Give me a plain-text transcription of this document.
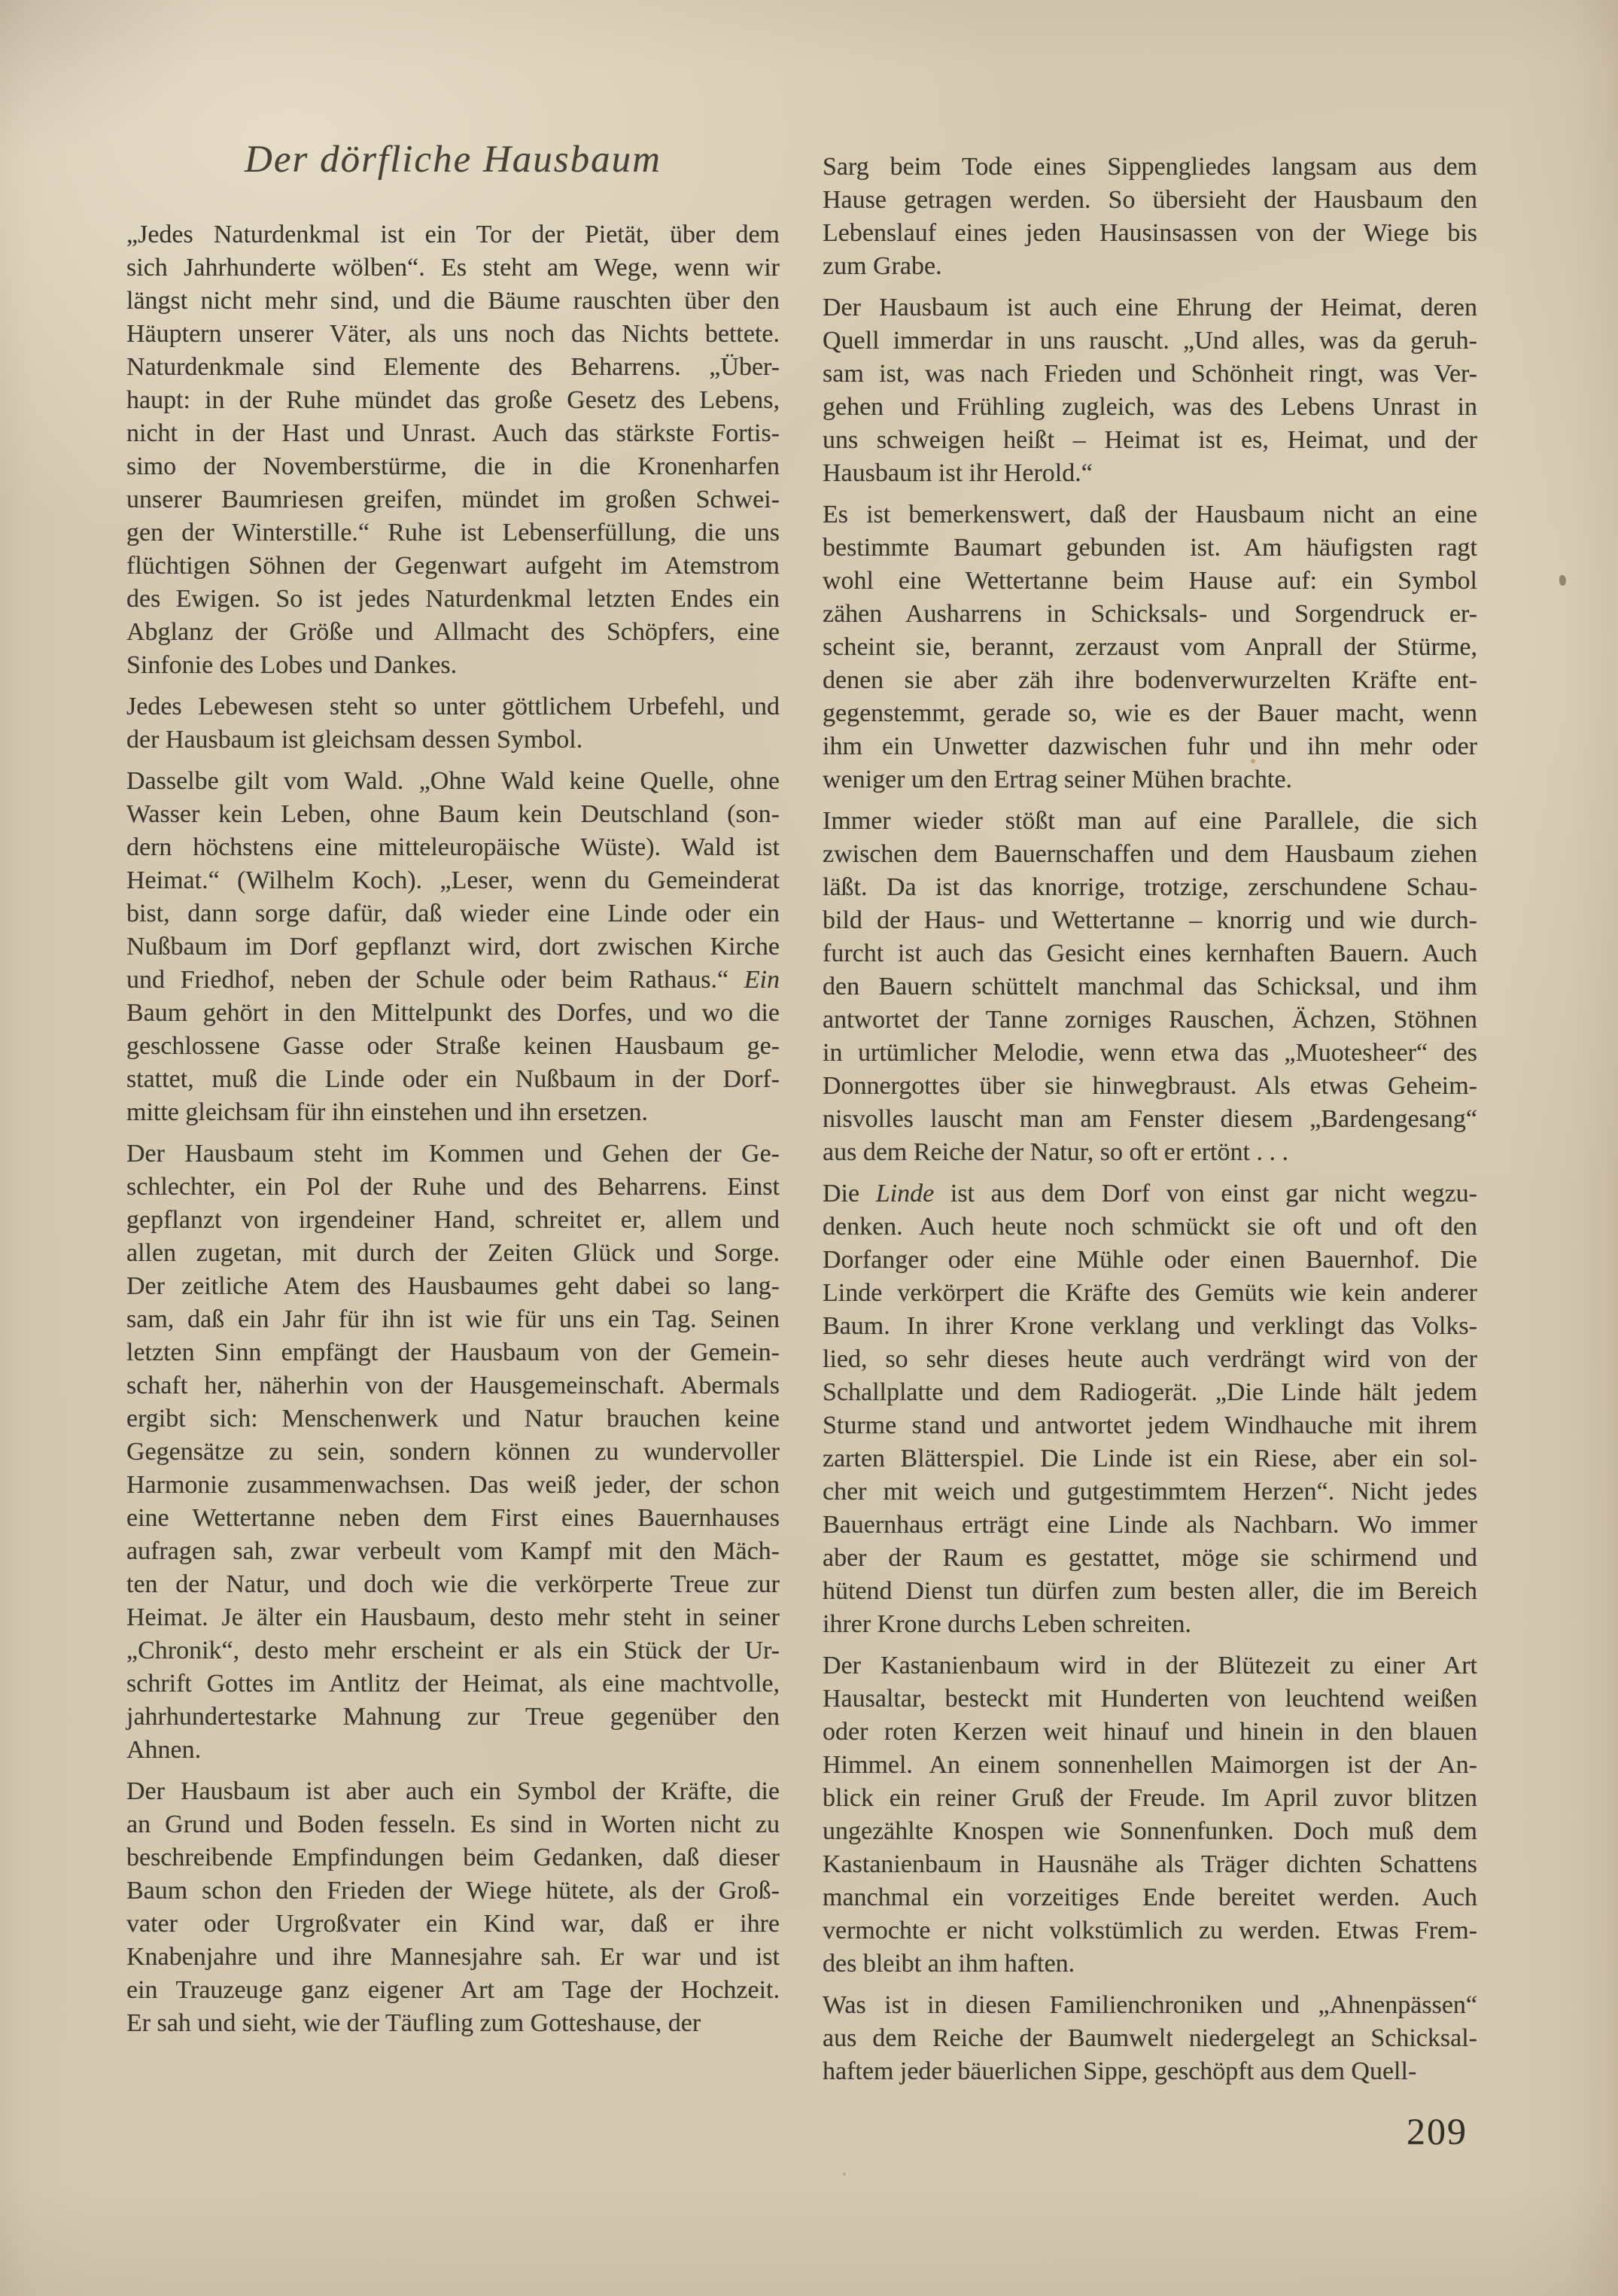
Der dörfliche Hausbaum
„Jedes Naturdenkmal ist ein Tor der Pietät, über dem
sich Jahrhunderte wölben“. Es steht am Wege, wenn wir
längst nicht mehr sind, und die Bäume rauschten über den
Häuptern unserer Väter, als uns noch das Nichts bettete.
Naturdenkmale sind Elemente des Beharrens. „Über-
haupt: in der Ruhe mündet das große Gesetz des Lebens,
nicht in der Hast und Unrast. Auch das stärkste Fortis-
simo der Novemberstürme, die in die Kronenharfen
unserer Baumriesen greifen, mündet im großen Schwei-
gen der Winterstille.“ Ruhe ist Lebenserfüllung, die uns
flüchtigen Söhnen der Gegenwart aufgeht im Atemstrom
des Ewigen. So ist jedes Naturdenkmal letzten Endes ein
Abglanz der Größe und Allmacht des Schöpfers, eine
Sinfonie des Lobes und Dankes.
Jedes Lebewesen steht so unter göttlichem Urbefehl, und
der Hausbaum ist gleichsam dessen Symbol.
Dasselbe gilt vom Wald. „Ohne Wald keine Quelle, ohne
Wasser kein Leben, ohne Baum kein Deutschland (son-
dern höchstens eine mitteleuropäische Wüste). Wald ist
Heimat.“ (Wilhelm Koch). „Leser, wenn du Gemeinderat
bist, dann sorge dafür, daß wieder eine Linde oder ein
Nußbaum im Dorf gepflanzt wird, dort zwischen Kirche
und Friedhof, neben der Schule oder beim Rathaus.“ Ein
Baum gehört in den Mittelpunkt des Dorfes, und wo die
geschlossene Gasse oder Straße keinen Hausbaum ge-
stattet, muß die Linde oder ein Nußbaum in der Dorf-
mitte gleichsam für ihn einstehen und ihn ersetzen.
Der Hausbaum steht im Kommen und Gehen der Ge-
schlechter, ein Pol der Ruhe und des Beharrens. Einst
gepflanzt von irgendeiner Hand, schreitet er, allem und
allen zugetan, mit durch der Zeiten Glück und Sorge.
Der zeitliche Atem des Hausbaumes geht dabei so lang-
sam, daß ein Jahr für ihn ist wie für uns ein Tag. Seinen
letzten Sinn empfängt der Hausbaum von der Gemein-
schaft her, näherhin von der Hausgemeinschaft. Abermals
ergibt sich: Menschenwerk und Natur brauchen keine
Gegensätze zu sein, sondern können zu wundervoller
Harmonie zusammenwachsen. Das weiß jeder, der schon
eine Wettertanne neben dem First eines Bauernhauses
aufragen sah, zwar verbeult vom Kampf mit den Mäch-
ten der Natur, und doch wie die verkörperte Treue zur
Heimat. Je älter ein Hausbaum, desto mehr steht in seiner
„Chronik“, desto mehr erscheint er als ein Stück der Ur-
schrift Gottes im Antlitz der Heimat, als eine machtvolle,
jahrhundertestarke Mahnung zur Treue gegenüber den
Ahnen.
Der Hausbaum ist aber auch ein Symbol der Kräfte, die
an Grund und Boden fesseln. Es sind in Worten nicht zu
beschreibende Empfindungen beim Gedanken, daß dieser
Baum schon den Frieden der Wiege hütete, als der Groß-
vater oder Urgroßvater ein Kind war, daß er ihre
Knabenjahre und ihre Mannesjahre sah. Er war und ist
ein Trauzeuge ganz eigener Art am Tage der Hochzeit.
Er sah und sieht, wie der Täufling zum Gotteshause, der
Sarg beim Tode eines Sippengliedes langsam aus dem
Hause getragen werden. So übersieht der Hausbaum den
Lebenslauf eines jeden Hausinsassen von der Wiege bis
zum Grabe.
Der Hausbaum ist auch eine Ehrung der Heimat, deren
Quell immerdar in uns rauscht. „Und alles, was da geruh-
sam ist, was nach Frieden und Schönheit ringt, was Ver-
gehen und Frühling zugleich, was des Lebens Unrast in
uns schweigen heißt – Heimat ist es, Heimat, und der
Hausbaum ist ihr Herold.“
Es ist bemerkenswert, daß der Hausbaum nicht an eine
bestimmte Baumart gebunden ist. Am häufigsten ragt
wohl eine Wettertanne beim Hause auf: ein Symbol
zähen Ausharrens in Schicksals- und Sorgendruck er-
scheint sie, berannt, zerzaust vom Anprall der Stürme,
denen sie aber zäh ihre bodenverwurzelten Kräfte ent-
gegenstemmt, gerade so, wie es der Bauer macht, wenn
ihm ein Unwetter dazwischen fuhr und ihn mehr oder
weniger um den Ertrag seiner Mühen brachte.
Immer wieder stößt man auf eine Parallele, die sich
zwischen dem Bauernschaffen und dem Hausbaum ziehen
läßt. Da ist das knorrige, trotzige, zerschundene Schau-
bild der Haus- und Wettertanne – knorrig und wie durch-
furcht ist auch das Gesicht eines kernhaften Bauern. Auch
den Bauern schüttelt manchmal das Schicksal, und ihm
antwortet der Tanne zorniges Rauschen, Ächzen, Stöhnen
in urtümlicher Melodie, wenn etwa das „Muotesheer“ des
Donnergottes über sie hinwegbraust. Als etwas Geheim-
nisvolles lauscht man am Fenster diesem „Bardengesang“
aus dem Reiche der Natur, so oft er ertönt . . .
Die Linde ist aus dem Dorf von einst gar nicht wegzu-
denken. Auch heute noch schmückt sie oft und oft den
Dorfanger oder eine Mühle oder einen Bauernhof. Die
Linde verkörpert die Kräfte des Gemüts wie kein anderer
Baum. In ihrer Krone verklang und verklingt das Volks-
lied, so sehr dieses heute auch verdrängt wird von der
Schallplatte und dem Radiogerät. „Die Linde hält jedem
Sturme stand und antwortet jedem Windhauche mit ihrem
zarten Blätterspiel. Die Linde ist ein Riese, aber ein sol-
cher mit weich und gutgestimmtem Herzen“. Nicht jedes
Bauernhaus erträgt eine Linde als Nachbarn. Wo immer
aber der Raum es gestattet, möge sie schirmend und
hütend Dienst tun dürfen zum besten aller, die im Bereich
ihrer Krone durchs Leben schreiten.
Der Kastanienbaum wird in der Blütezeit zu einer Art
Hausaltar, besteckt mit Hunderten von leuchtend weißen
oder roten Kerzen weit hinauf und hinein in den blauen
Himmel. An einem sonnenhellen Maimorgen ist der An-
blick ein reiner Gruß der Freude. Im April zuvor blitzen
ungezählte Knospen wie Sonnenfunken. Doch muß dem
Kastanienbaum in Hausnähe als Träger dichten Schattens
manchmal ein vorzeitiges Ende bereitet werden. Auch
vermochte er nicht volkstümlich zu werden. Etwas Frem-
des bleibt an ihm haften.
Was ist in diesen Familienchroniken und „Ahnenpässen“
aus dem Reiche der Baumwelt niedergelegt an Schicksal-
haftem jeder bäuerlichen Sippe, geschöpft aus dem Quell-
209
